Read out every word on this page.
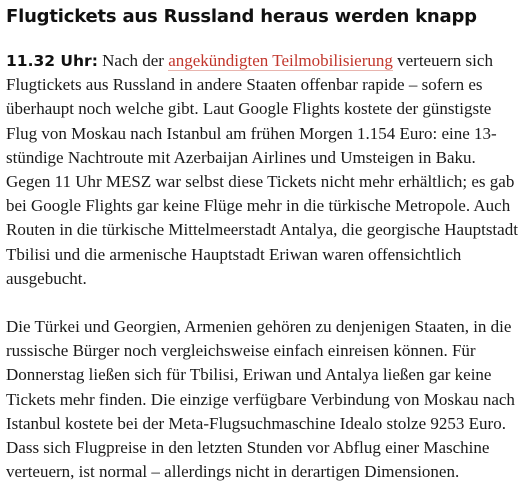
Flugtickets aus Russland heraus werden knapp

11.32 Uhr: Nach der angekündigten Teilmobilisierung verteuern sich Flugtickets aus Russland in andere Staaten offenbar rapide – sofern es überhaupt noch welche gibt. Laut Google Flights kostete der günstigste Flug von Moskau nach Istanbul am frühen Morgen 1.154 Euro: eine 13-stündige Nachtroute mit Azerbaijan Airlines und Umsteigen in Baku. Gegen 11 Uhr MESZ war selbst diese Tickets nicht mehr erhältlich; es gab bei Google Flights gar keine Flüge mehr in die türkische Metropole. Auch Routen in die türkische Mittelmeerstadt Antalya, die georgische Hauptstadt Tbilisi und die armenische Hauptstadt Eriwan waren offensichtlich ausgebucht.

Die Türkei und Georgien, Armenien gehören zu denjenigen Staaten, in die russische Bürger noch vergleichsweise einfach einreisen können. Für Donnerstag ließen sich für Tbilisi, Eriwan und Antalya ließen gar keine Tickets mehr finden. Die einzige verfügbare Verbindung von Moskau nach Istanbul kostete bei der Meta-Flugsuchmaschine Idealo stolze 9253 Euro. Dass sich Flugpreise in den letzten Stunden vor Abflug einer Maschine verteuern, ist normal – allerdings nicht in derartigen Dimensionen.
